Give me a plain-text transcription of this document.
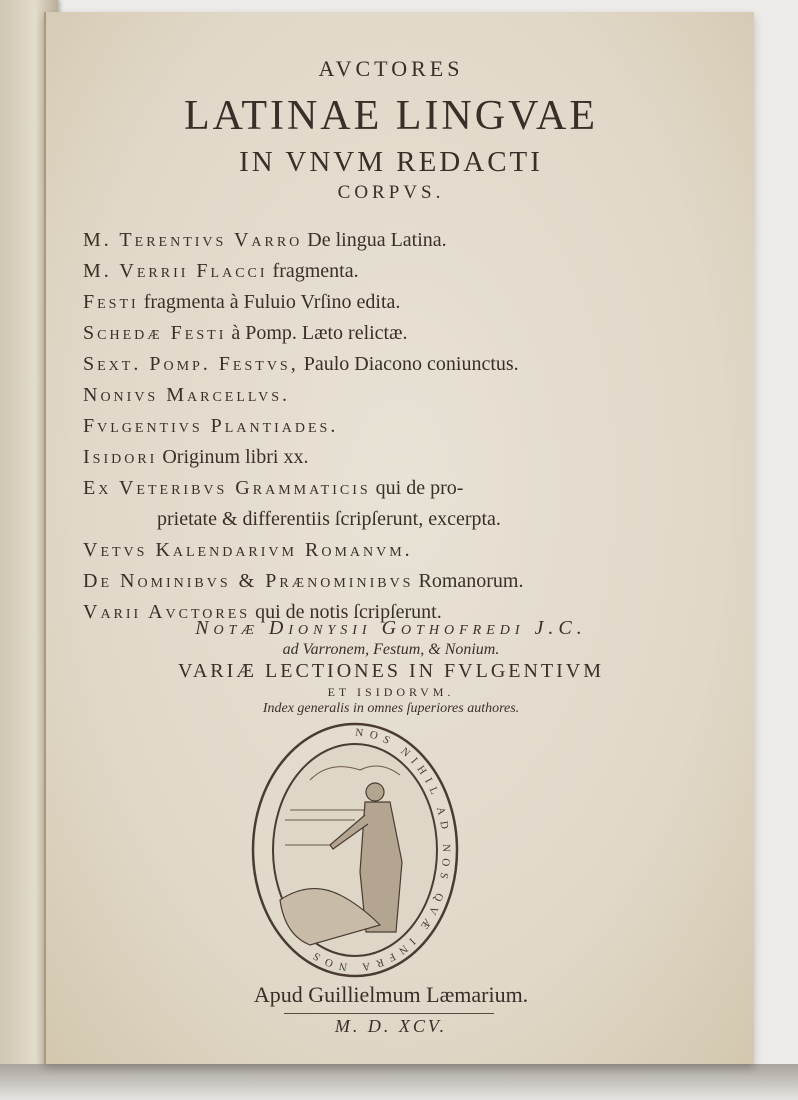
AVCTORES
LATINAE LINGVAE
IN VNVM REDACTI
CORPVS.
M. Terentivs Varro De lingua Latina.
M. Verrii Flacci fragmenta.
Festi fragmenta à Fuluio Vrſino edita.
Schedæ Festi à Pomp. Læto relictæ.
Sext. Pomp. Festvs, Paulo Diacono coniunctus.
Nonivs Marcellvs.
Fvlgentivs Plantiades.
Isidori Originum libri xx.
Ex Veteribvs Grammaticis qui de pro-
prietate & differentiis ſcripſerunt, excerpta.
Vetvs Kalendarivm Romanvm.
De Nominibvs & Prænominibvs Romanorum.
Varii Avctores qui de notis ſcripſerunt.
Notæ Dionysii Gothofredi J.C.
ad Varronem, Festum, & Nonium.
VARIÆ LECTIONES IN FVLGENTIVM
ET ISIDORVM.
Index generalis in omnes ſuperiores authores.
NOS NIHIL AD NOS QVÆ INFRA NOS
Apud Guillielmum Læmarium.
M. D. XCV.
